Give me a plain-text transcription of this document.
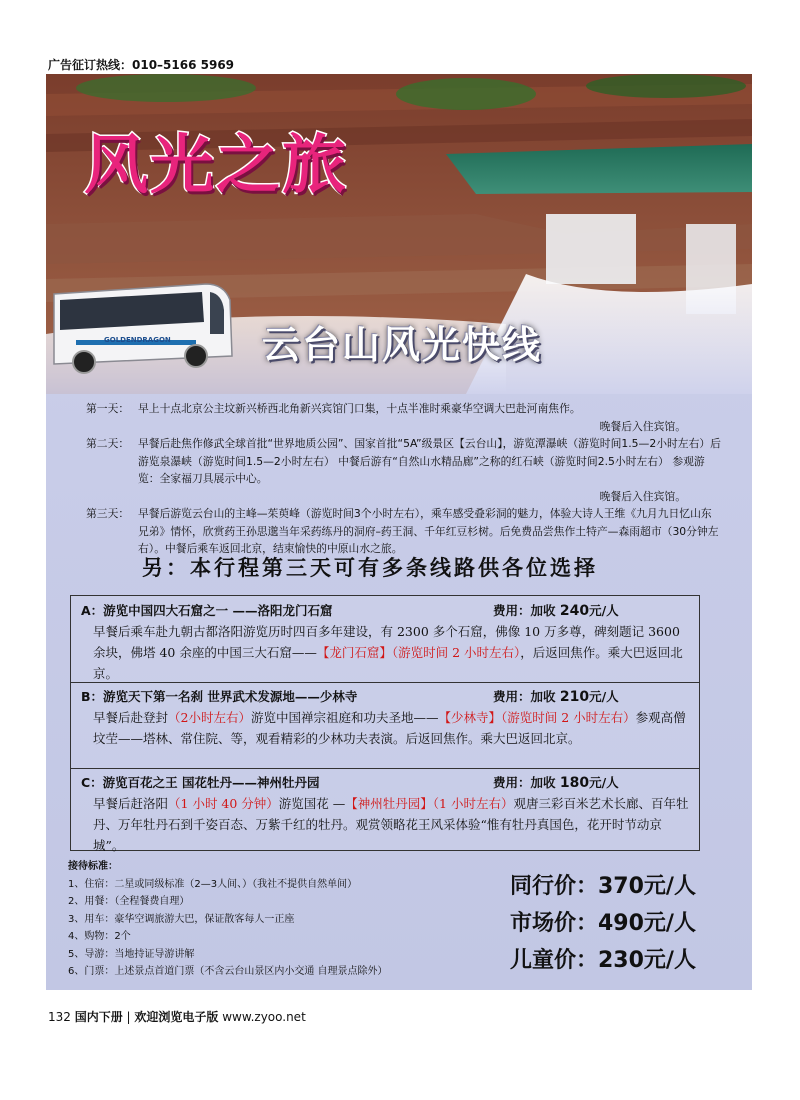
广告征订热线：010–5166 5969
GOLDENDRAGON
风光之旅
云台山风光快线
第一天： 早上十点北京公主坟新兴桥西北角新兴宾馆门口集，十点半准时乘豪华空调大巴赴河南焦作。
晚餐后入住宾馆。
第二天： 早餐后赴焦作修武全球首批“世界地质公园”、国家首批“5A”级景区【云台山】，游览潭瀑峡（游览时间1.5—2小时左右）后游览泉瀑峡（游览时间1.5—2小时左右） 中餐后游有“自然山水精品廊”之称的红石峡（游览时间2.5小时左右） 参观游览：全家福刀具展示中心。
晚餐后入住宾馆。
第三天： 早餐后游览云台山的主峰—茱萸峰（游览时间3个小时左右），乘车感受叠彩洞的魅力，体验大诗人王维《九月九日忆山东兄弟》情怀，欣赏药王孙思邈当年采药练丹的洞府–药王洞、千年红豆杉树。后免费品尝焦作土特产—森雨超市（30分钟左右）。中餐后乘车返回北京，结束愉快的中原山水之旅。
另：本行程第三天可有多条线路供各位选择
A：游览中国四大石窟之一 ——洛阳龙门石窟	费用：加收 240元/人
早餐后乘车赴九朝古都洛阳游览历时四百多年建设，有 2300 多个石窟，佛像 10 万多尊，碑刻题记 3600 余块，佛塔 40 余座的中国三大石窟——【龙门石窟】（游览时间 2 小时左右），后返回焦作。乘大巴返回北京。
B：游览天下第一名刹 世界武术发源地——少林寺	费用：加收 210元/人
早餐后赴登封（2小时左右）游览中国禅宗祖庭和功夫圣地——【少林寺】（游览时间 2 小时左右）参观高僧坟茔——塔林、常住院、等，观看精彩的少林功夫表演。后返回焦作。乘大巴返回北京。
C：游览百花之王 国花牡丹——神州牡丹园	费用：加收 180元/人
早餐后赶洛阳（1 小时 40 分钟）游览国花 —【神州牡丹园】（1 小时左右）观唐三彩百米艺术长廊、百年牡丹、万年牡丹石到千姿百态、万紫千红的牡丹。观赏领略花王风采体验“惟有牡丹真国色，花开时节动京城”。
接待标准：
1、住宿：二星或同级标准（2—3人间、）（我社不提供自然单间）
2、用餐：（全程餐费自理）
3、用车：豪华空调旅游大巴，保证散客每人一正座
4、购物：2个
5、导游：当地持证导游讲解
6、门票：上述景点首道门票（不含云台山景区内小交通 自理景点除外）
同行价：370元/人
市场价：490元/人
儿童价：230元/人
132 国内下册 | 欢迎浏览电子版 www.zyoo.net
